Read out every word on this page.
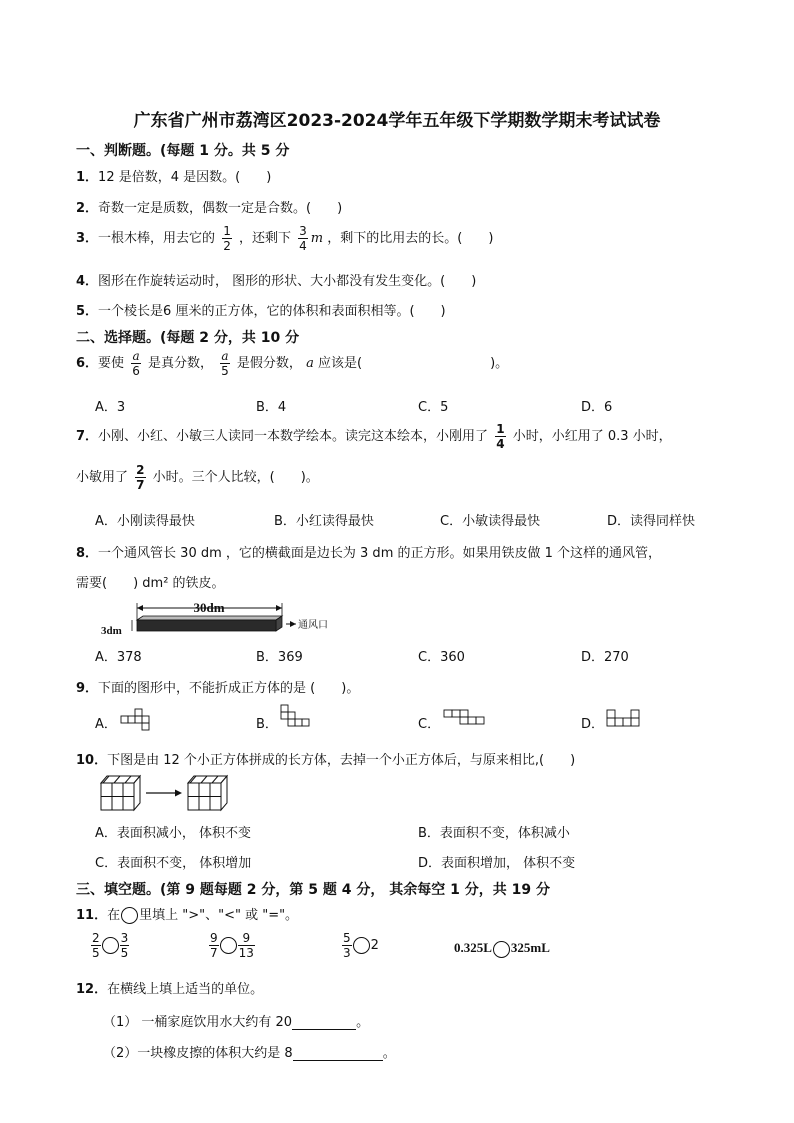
广东省广州市荔湾区2023-2024学年五年级下学期数学期末考试试卷
一、判断题。(每题 1 分。共 5 分
1．12 是倍数，4 是因数。(　　)
2．奇数一定是质数，偶数一定是合数。(　　)
3．一根木棒，用去它的 $\frac{1}{2}$ ，还剩下 $\frac{3}{4}$ m ，剩下的比用去的长。(　　)
4．图形在作旋转运动时， 图形的形状、大小都没有发生变化。(　　)
5．一个棱长是6 厘米的正方体，它的体积和表面积相等。(　　)
二、选择题。(每题 2 分，共 10 分
6．要使 $\frac{a}{6}$ 是真分数， $\frac{a}{5}$ 是假分数， a 应该是(	)。
A．3	B．4	C．5	D．6
7．小刚、小红、小敏三人读同一本数学绘本。读完这本绘本，小刚用了 $\frac{1}{4}$ 小时，小红用了 0.3 小时，
小敏用了 $\frac{2}{7}$ 小时。三个人比较，(　　)。
A．小刚读得最快	B．小红读得最快	C．小敏读得最快	D．读得同样快
8．一个通风管长 30 dm ，它的横截面是边长为 3 dm 的正方形。如果用铁皮做 1 个这样的通风管，
需要(　　) dm² 的铁皮。
30dm
3dm	通风口
A．378	B．369	C．360	D．270
9．下面的图形中，不能折成正方体的是 (　　)。
A．	B．	C．	D．
10．下图是由 12 个小正方体拼成的长方体，去掉一个小正方体后，与原来相比,(　　)
A．表面积减小， 体积不变	B．表面积不变，体积减小
C．表面积不变， 体积增加	D．表面积增加， 体积不变
三、填空题。(第 9 题每题 2 分，第 5 题 4 分， 其余每空 1 分，共 19 分
11．在 里填上 ">"、"<" 或 "="。
$\frac{2}{5} \frac{3}{5}$	$\frac{9}{7} \frac{9}{13}$	$\frac{5}{3} 2$	0.325L 325mL
12．在横线上填上适当的单位。
（1） 一桶家庭饮用水大约有 20	。
（2）一块橡皮擦的体积大约是 8	。
